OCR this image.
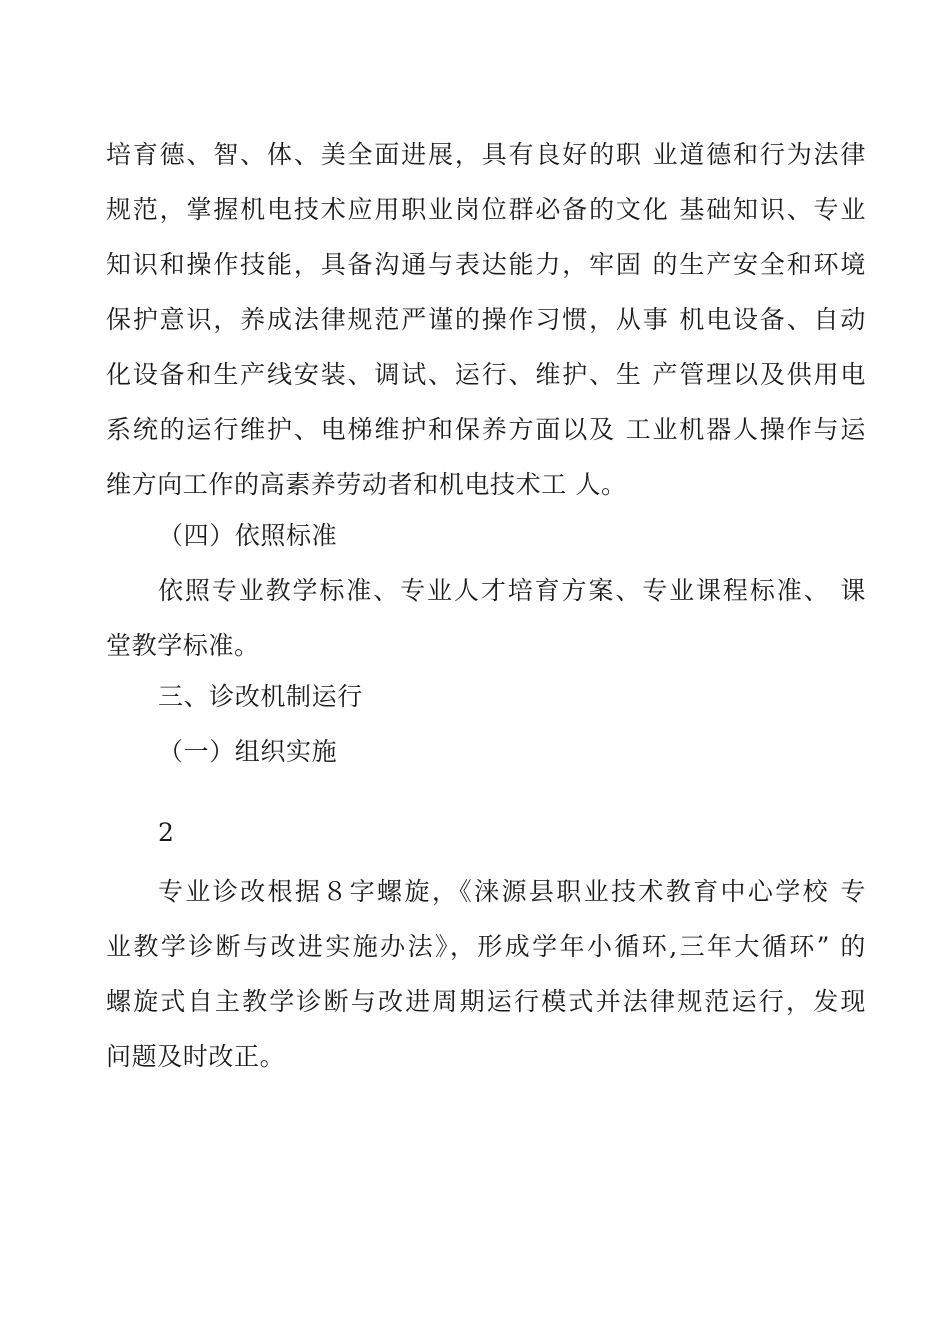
培育德、智、体、美全面进展，具有良好的职 业道德和行为法律
规范，掌握机电技术应用职业岗位群必备的文化 基础知识、专业
知识和操作技能，具备沟通与表达能力，牢固 的生产安全和环境
保护意识，养成法律规范严谨的操作习惯，从事 机电设备、自动
化设备和生产线安装、调试、运行、维护、生 产管理以及供用电
系统的运行维护、电梯维护和保养方面以及 工业机器人操作与运
维方向工作的高素养劳动者和机电技术工 人。
（四）依照标准
依照专业教学标准、专业人才培育方案、专业课程标准、 课
堂教学标准。
三、诊改机制运行
（一）组织实施
2
专业诊改根据８字螺旋，《涞源县职业技术教育中心学校 专
业教学诊断与改进实施办法》，形成学年小循环,三年大循环” 的
螺旋式自主教学诊断与改进周期运行模式并法律规范运行，发现
问题及时改正。
